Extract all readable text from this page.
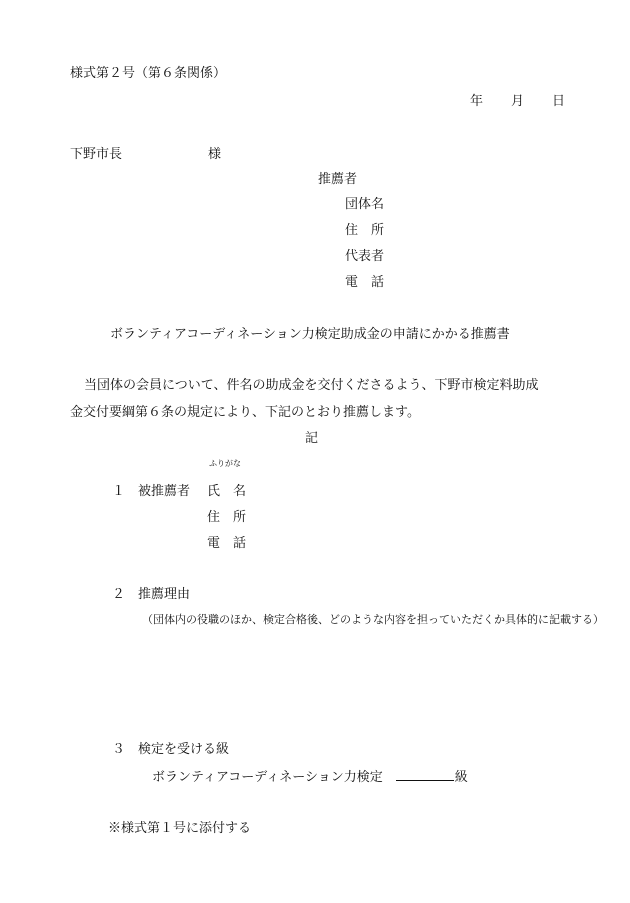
様式第２号（第６条関係）
年 月 日
下野市長	様
推薦者
団体名
住　所
代表者
電　話
ボランティアコーディネーション力検定助成金の申請にかかる推薦書
当団体の会員について、件名の助成金を交付くださるよう、下野市検定料助成
金交付要綱第６条の規定により、下記のとおり推薦します。
記
ふりがな
１ 被推薦者 氏　名
住　所
電　話
２ 推薦理由
（団体内の役職のほか、検定合格後、どのような内容を担っていただくか具体的に記載する）
３ 検定を受ける級
ボランティアコーディネーション力検定	級
※様式第１号に添付する
